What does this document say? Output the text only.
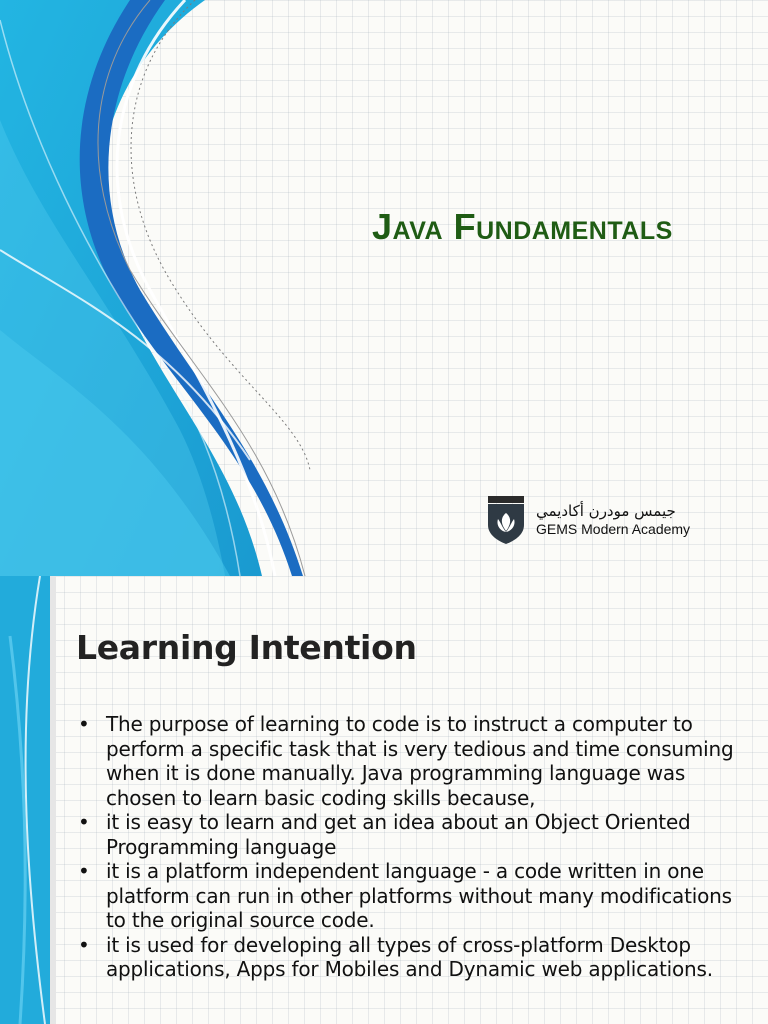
Java Fundamentals
جيمس مودرن أكاديمي
GEMS Modern Academy
Learning Intention
• The purpose of learning to code is to instruct a computer to perform a specific task that is very tedious and time consuming when it is done manually. Java programming language was chosen to learn basic coding skills because,
• it is easy to learn and get an idea about an Object Oriented Programming language
• it is a platform independent language - a code written in one platform can run in other platforms without many modifications to the original source code.
• it is used for developing all types of cross-platform Desktop applications, Apps for Mobiles and Dynamic web applications.
